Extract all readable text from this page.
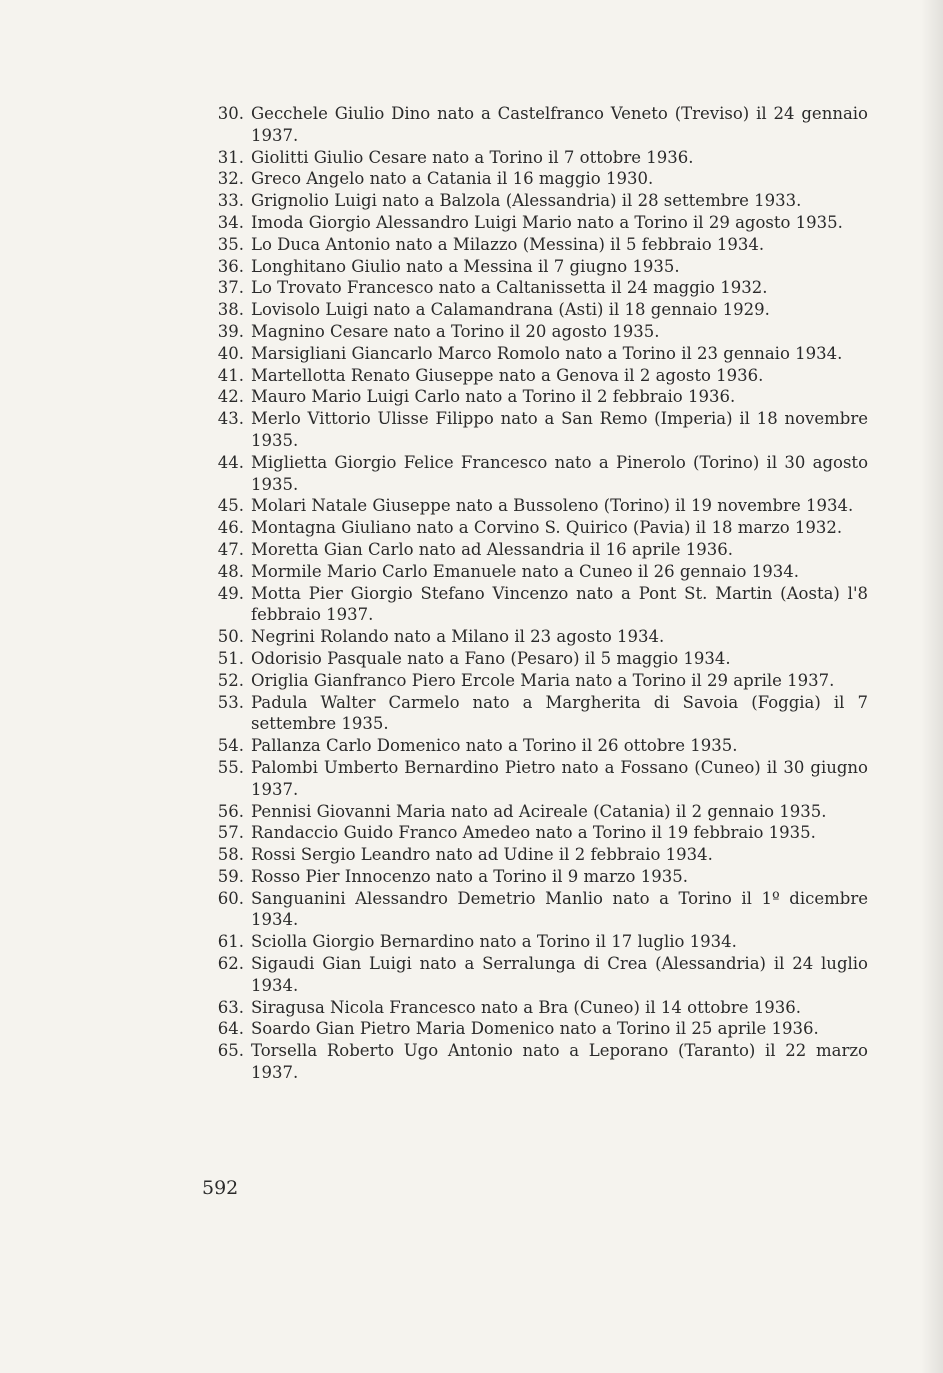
30. Gecchele Giulio Dino nato a Castelfranco Veneto (Treviso) il 24 gennaio 1937.
31. Giolitti Giulio Cesare nato a Torino il 7 ottobre 1936.
32. Greco Angelo nato a Catania il 16 maggio 1930.
33. Grignolio Luigi nato a Balzola (Alessandria) il 28 settembre 1933.
34. Imoda Giorgio Alessandro Luigi Mario nato a Torino il 29 agosto 1935.
35. Lo Duca Antonio nato a Milazzo (Messina) il 5 febbraio 1934.
36. Longhitano Giulio nato a Messina il 7 giugno 1935.
37. Lo Trovato Francesco nato a Caltanissetta il 24 maggio 1932.
38. Lovisolo Luigi nato a Calamandrana (Asti) il 18 gennaio 1929.
39. Magnino Cesare nato a Torino il 20 agosto 1935.
40. Marsigliani Giancarlo Marco Romolo nato a Torino il 23 gennaio 1934.
41. Martellotta Renato Giuseppe nato a Genova il 2 agosto 1936.
42. Mauro Mario Luigi Carlo nato a Torino il 2 febbraio 1936.
43. Merlo Vittorio Ulisse Filippo nato a San Remo (Imperia) il 18 novembre 1935.
44. Miglietta Giorgio Felice Francesco nato a Pinerolo (Torino) il 30 agosto 1935.
45. Molari Natale Giuseppe nato a Bussoleno (Torino) il 19 novembre 1934.
46. Montagna Giuliano nato a Corvino S. Quirico (Pavia) il 18 marzo 1932.
47. Moretta Gian Carlo nato ad Alessandria il 16 aprile 1936.
48. Mormile Mario Carlo Emanuele nato a Cuneo il 26 gennaio 1934.
49. Motta Pier Giorgio Stefano Vincenzo nato a Pont St. Martin (Aosta) l'8 febbraio 1937.
50. Negrini Rolando nato a Milano il 23 agosto 1934.
51. Odorisio Pasquale nato a Fano (Pesaro) il 5 maggio 1934.
52. Origlia Gianfranco Piero Ercole Maria nato a Torino il 29 aprile 1937.
53. Padula Walter Carmelo nato a Margherita di Savoia (Foggia) il 7 settembre 1935.
54. Pallanza Carlo Domenico nato a Torino il 26 ottobre 1935.
55. Palombi Umberto Bernardino Pietro nato a Fossano (Cuneo) il 30 giugno 1937.
56. Pennisi Giovanni Maria nato ad Acireale (Catania) il 2 gennaio 1935.
57. Randaccio Guido Franco Amedeo nato a Torino il 19 febbraio 1935.
58. Rossi Sergio Leandro nato ad Udine il 2 febbraio 1934.
59. Rosso Pier Innocenzo nato a Torino il 9 marzo 1935.
60. Sanguanini Alessandro Demetrio Manlio nato a Torino il 1º dicembre 1934.
61. Sciolla Giorgio Bernardino nato a Torino il 17 luglio 1934.
62. Sigaudi Gian Luigi nato a Serralunga di Crea (Alessandria) il 24 luglio 1934.
63. Siragusa Nicola Francesco nato a Bra (Cuneo) il 14 ottobre 1936.
64. Soardo Gian Pietro Maria Domenico nato a Torino il 25 aprile 1936.
65. Torsella Roberto Ugo Antonio nato a Leporano (Taranto) il 22 marzo 1937.
592
